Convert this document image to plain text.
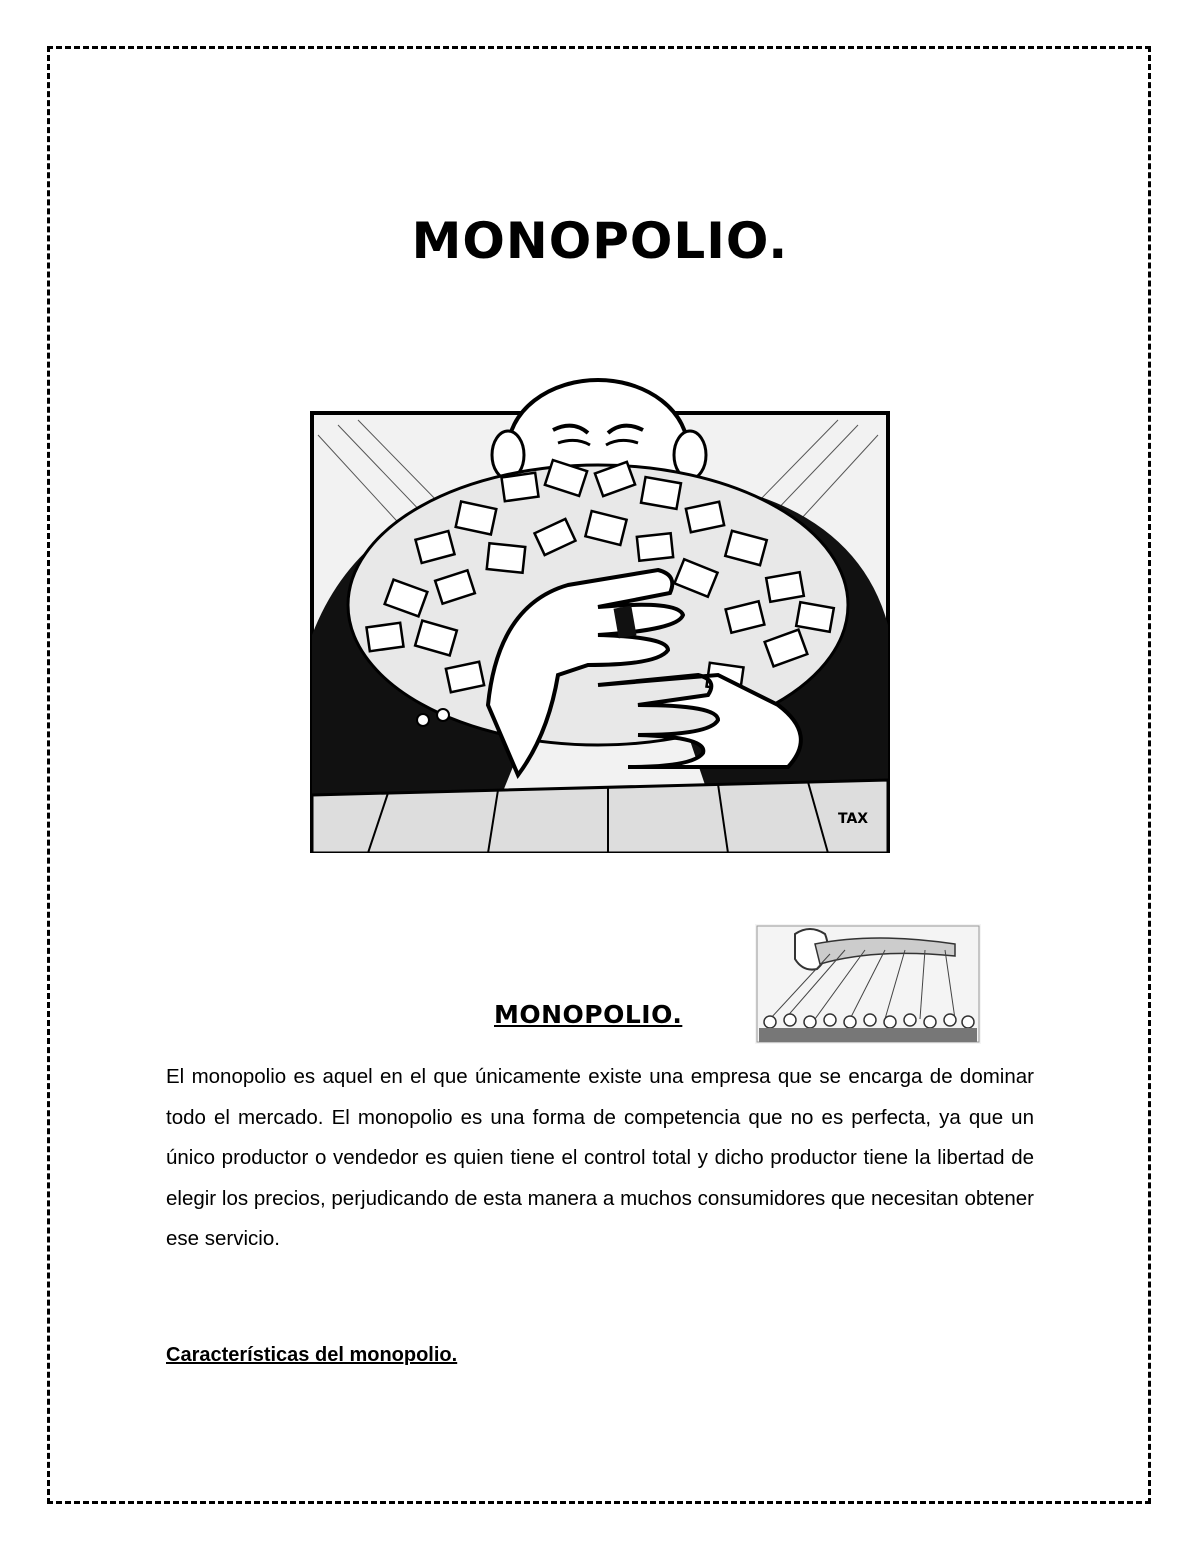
MONOPOLIO.
TAX
MONOPOLIO.

El monopolio es aquel en el que únicamente existe una empresa que se encarga de dominar todo el mercado. El monopolio es una forma de competencia que no es perfecta, ya que un único productor o vendedor es quien tiene el control total y dicho productor tiene la libertad de elegir los precios, perjudicando de esta manera a muchos consumidores que necesitan obtener ese servicio.

Características del monopolio.
